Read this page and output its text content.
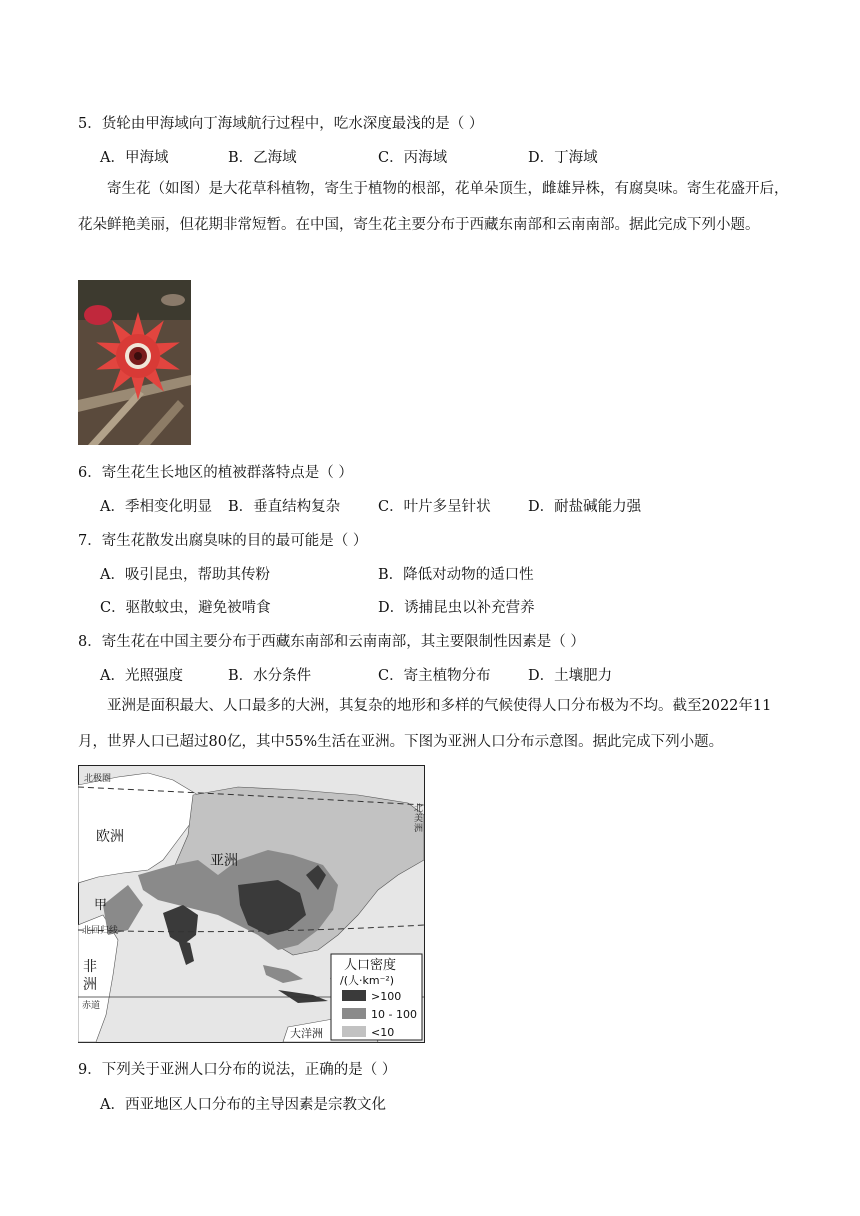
5．货轮由甲海域向丁海域航行过程中，吃水深度最浅的是（ ）
A．甲海域	B．乙海域	C．丙海域	D．丁海域
寄生花（如图）是大花草科植物，寄生于植物的根部，花单朵顶生，雌雄异株，有腐臭味。寄生花盛开后，花朵鲜艳美丽，但花期非常短暂。在中国，寄生花主要分布于西藏东南部和云南南部。据此完成下列小题。
6．寄生花生长地区的植被群落特点是（ ）
A．季相变化明显 B．垂直结构复杂	C．叶片多呈针状	D．耐盐碱能力强
7．寄生花散发出腐臭味的目的最可能是（ ）
A．吸引昆虫，帮助其传粉	B．降低对动物的适口性
C．驱散蚊虫，避免被啃食	D．诱捕昆虫以补充营养
8．寄生花在中国主要分布于西藏东南部和云南南部，其主要限制性因素是（ ）
A．光照强度	B．水分条件	C．寄主植物分布	D．土壤肥力
亚洲是面积最大、人口最多的大洲，其复杂的地形和多样的气候使得人口分布极为不均。截至2022年11月，世界人口已超过80亿，其中55%生活在亚洲。下图为亚洲人口分布示意图。据此完成下列小题。
北极圈
欧洲
亚洲
甲
北回归线
非
洲
赤道
大洋洲
北
美
洲
人口密度
/(人·km⁻²)
>100
10 - 100
<10
9．下列关于亚洲人口分布的说法，正确的是（ ）
A．西亚地区人口分布的主导因素是宗教文化
